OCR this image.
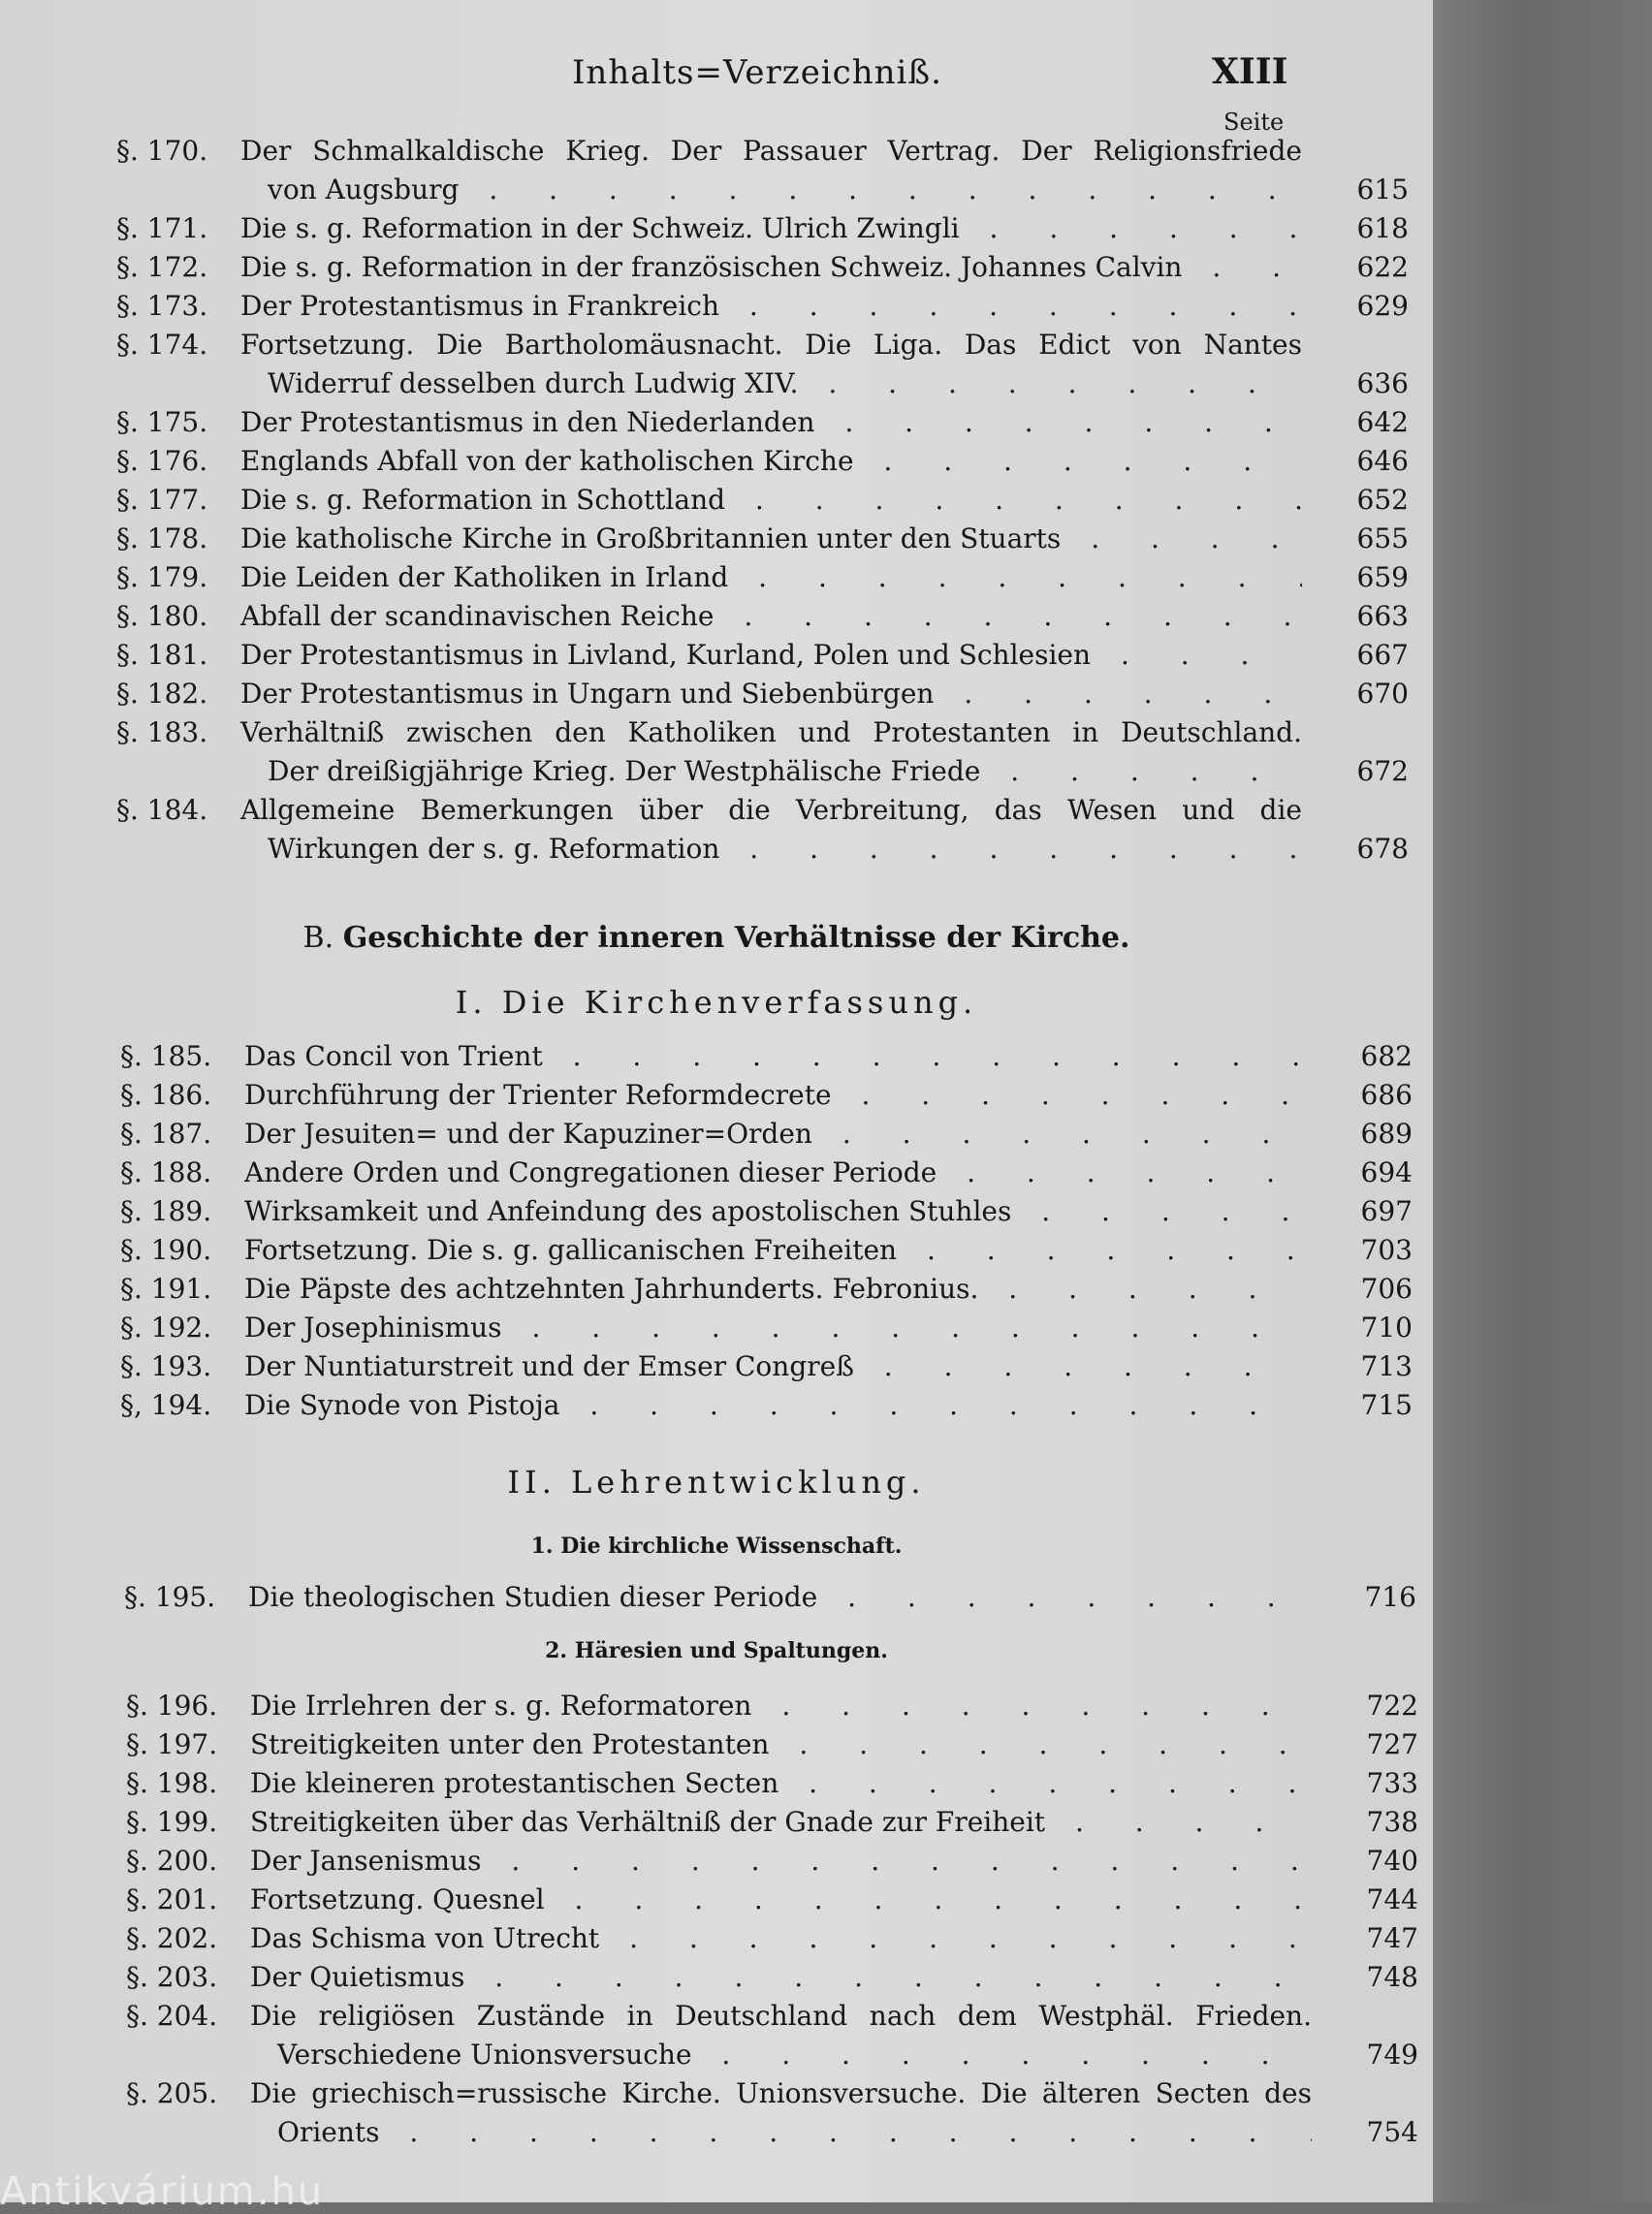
Inhalts=Verzeichniß.	XIII
Seite
§. 170.	Der Schmalkaldische Krieg. Der Passauer Vertrag. Der Religionsfriede
von Augsburg . . .	615
§. 171.	Die s. g. Reformation in der Schweiz. Ulrich Zwingli . . .	618
§. 172.	Die s. g. Reformation in der französischen Schweiz. Johannes Calvin . . .	622
§. 173.	Der Protestantismus in Frankreich . . .	629
§. 174.	Fortsetzung. Die Bartholomäusnacht. Die Liga. Das Edict von Nantes
Widerruf desselben durch Ludwig XIV. . . .	636
§. 175.	Der Protestantismus in den Niederlanden . . .	642
§. 176.	Englands Abfall von der katholischen Kirche . . .	646
§. 177.	Die s. g. Reformation in Schottland . . .	652
§. 178.	Die katholische Kirche in Großbritannien unter den Stuarts . . .	655
§. 179.	Die Leiden der Katholiken in Irland . . .	659
§. 180.	Abfall der scandinavischen Reiche . . .	663
§. 181.	Der Protestantismus in Livland, Kurland, Polen und Schlesien . . .	667
§. 182.	Der Protestantismus in Ungarn und Siebenbürgen . . .	670
§. 183.	Verhältniß zwischen den Katholiken und Protestanten in Deutschland.
Der dreißigjährige Krieg. Der Westphälische Friede . . .	672
§. 184.	Allgemeine Bemerkungen über die Verbreitung, das Wesen und die
Wirkungen der s. g. Reformation . . .	678
B. Geschichte der inneren Verhältnisse der Kirche.
I. Die Kirchenverfassung.
§. 185.	Das Concil von Trient . . .	682
§. 186.	Durchführung der Trienter Reformdecrete . . .	686
§. 187.	Der Jesuiten= und der Kapuziner=Orden . . .	689
§. 188.	Andere Orden und Congregationen dieser Periode . . .	694
§. 189.	Wirksamkeit und Anfeindung des apostolischen Stuhles . . .	697
§. 190.	Fortsetzung. Die s. g. gallicanischen Freiheiten . . .	703
§. 191.	Die Päpste des achtzehnten Jahrhunderts. Febronius. . . .	706
§. 192.	Der Josephinismus . . .	710
§. 193.	Der Nuntiaturstreit und der Emser Congreß . . .	713
§, 194.	Die Synode von Pistoja . . .	715
II. Lehrentwicklung.
1. Die kirchliche Wissenschaft.
§. 195.	Die theologischen Studien dieser Periode . . .	716
2. Häresien und Spaltungen.
§. 196.	Die Irrlehren der s. g. Reformatoren . . .	722
§. 197.	Streitigkeiten unter den Protestanten . . .	727
§. 198.	Die kleineren protestantischen Secten . . .	733
§. 199.	Streitigkeiten über das Verhältniß der Gnade zur Freiheit . . .	738
§. 200.	Der Jansenismus . . .	740
§. 201.	Fortsetzung. Quesnel . . .	744
§. 202.	Das Schisma von Utrecht . . .	747
§. 203.	Der Quietismus . . .	748
§. 204.	Die religiösen Zustände in Deutschland nach dem Westphäl. Frieden.
Verschiedene Unionsversuche . . .	749
§. 205.	Die griechisch=russische Kirche. Unionsversuche. Die älteren Secten des
Orients . . .	754
Antikvárium.hu
